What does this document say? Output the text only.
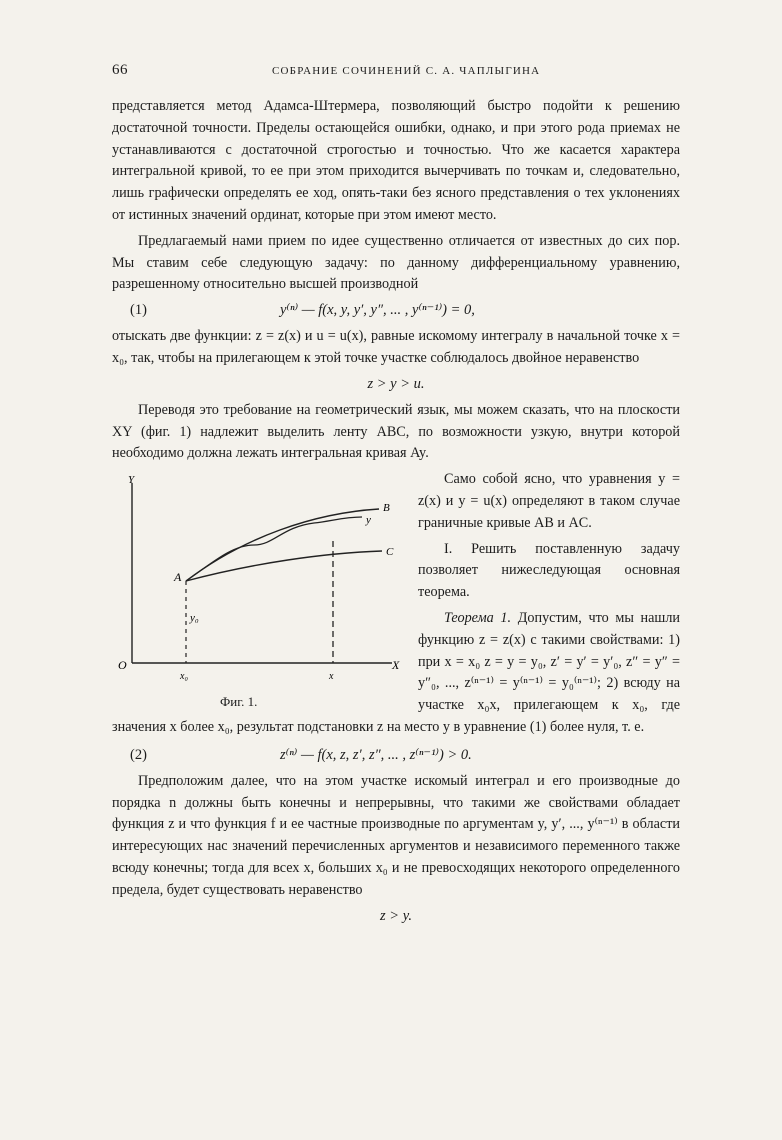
66	СОБРАНИЕ СОЧИНЕНИЙ С. А. ЧАПЛЫГИНА

представляется метод Адамса-Штермера, позволяющий быстро подойти к решению достаточной точности. Пределы остающейся ошибки, однако, и при этого рода приемах не устанавливаются с достаточной строгостью и точностью. Что же касается характера интегральной кривой, то ее при этом приходится вычерчивать по точкам и, следовательно, лишь графически определять ее ход, опять-таки без ясного представления о тех уклонениях от истинных значений ординат, которые при этом имеют место.

Предлагаемый нами прием по идее существенно отличается от известных до сих пор. Мы ставим себе следующую задачу: по данному дифференциальному уравнению, разрешенному относительно высшей производной

(1)	y⁽ⁿ⁾ — f(x, y, y′, y″, ... , y⁽ⁿ⁻¹⁾) = 0,

отыскать две функции: z = z(x) и u = u(x), равные искомому интегралу в начальной точке x = x₀, так, чтобы на прилегающем к этой точке участке соблюдалось двойное неравенство

z > y > u.

Переводя это требование на геометрический язык, мы можем сказать, что на плоскости XY (фиг. 1) надлежит выделить ленту ABC, по возможности узкую, внутри которой необходимо должна лежать интегральная кривая Ay.

Y
X
O
A
B
y
C
y₀
x₀	x
Фиг. 1.

Само собой ясно, что уравнения y = z(x) и y = u(x) определяют в таком случае граничные кривые AB и AC.

I. Решить поставленную задачу позволяет нижеследующая основная теорема.

Теорема 1. Допустим, что мы нашли функцию z = z(x) с такими свойствами: 1) при x = x₀ z = y = y₀, z′ = y′ = y′₀, z″ = y″ = y″₀, ..., z⁽ⁿ⁻¹⁾ = y⁽ⁿ⁻¹⁾ = y₀⁽ⁿ⁻¹⁾; 2) всюду на участке x₀x, прилегающем к x₀, где значения x более x₀, результат подстановки z на место y в уравнение (1) более нуля, т. е.

(2)	z⁽ⁿ⁾ — f(x, z, z′, z″, ... , z⁽ⁿ⁻¹⁾) > 0.

Предположим далее, что на этом участке искомый интеграл и его производные до порядка n должны быть конечны и непрерывны, что такими же свойствами обладает функция z и что функция f и ее частные производные по аргументам y, y′, ..., y⁽ⁿ⁻¹⁾ в области интересующих нас значений перечисленных аргументов и независимого переменного также всюду конечны; тогда для всех x, больших x₀ и не превосходящих некоторого определенного предела, будет существовать неравенство

z > y.
